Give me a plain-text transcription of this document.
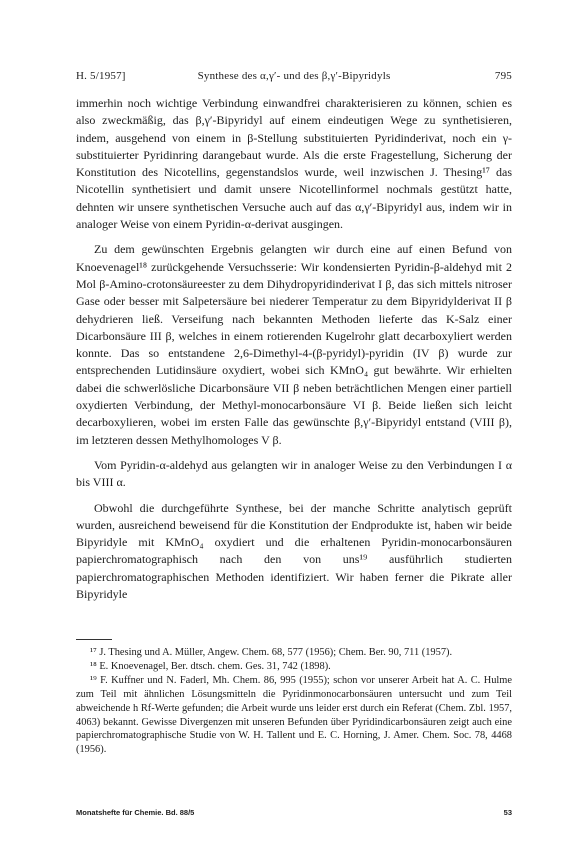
H. 5/1957]	Synthese des α,γ′- und des β,γ′-Bipyridyls	795

immerhin noch wichtige Verbindung einwandfrei charakterisieren zu können, schien es also zweckmäßig, das β,γ′-Bipyridyl auf einem eindeutigen Wege zu synthetisieren, indem, ausgehend von einem in β-Stellung substituierten Pyridinderivat, noch ein γ-substituierter Pyridinring darangebaut wurde. Als die erste Fragestellung, Sicherung der Konstitution des Nicotellins, gegenstandslos wurde, weil inzwischen J. Thesing¹⁷ das Nicotellin synthetisiert und damit unsere Nicotellinformel nochmals gestützt hatte, dehnten wir unsere synthetischen Versuche auch auf das α,γ′-Bipyridyl aus, indem wir in analoger Weise von einem Pyridin-α-derivat ausgingen.

Zu dem gewünschten Ergebnis gelangten wir durch eine auf einen Befund von Knoevenagel¹⁸ zurückgehende Versuchsserie: Wir kondensierten Pyridin-β-aldehyd mit 2 Mol β-Amino-crotonsäureester zu dem Dihydropyridinderivat I β, das sich mittels nitroser Gase oder besser mit Salpetersäure bei niederer Temperatur zu dem Bipyridylderivat II β dehydrieren ließ. Verseifung nach bekannten Methoden lieferte das K-Salz einer Dicarbonsäure III β, welches in einem rotierenden Kugelrohr glatt decarboxyliert werden konnte. Das so entstandene 2,6-Dimethyl-4-(β-pyridyl)-pyridin (IV β) wurde zur entsprechenden Lutidinsäure oxydiert, wobei sich KMnO₄ gut bewährte. Wir erhielten dabei die schwerlösliche Dicarbonsäure VII β neben beträchtlichen Mengen einer partiell oxydierten Verbindung, der Methyl-monocarbonsäure VI β. Beide ließen sich leicht decarboxylieren, wobei im ersten Falle das gewünschte β,γ′-Bipyridyl entstand (VIII β), im letzteren dessen Methylhomologes V β.

Vom Pyridin-α-aldehyd aus gelangten wir in analoger Weise zu den Verbindungen I α bis VIII α.

Obwohl die durchgeführte Synthese, bei der manche Schritte analytisch geprüft wurden, ausreichend beweisend für die Konstitution der Endprodukte ist, haben wir beide Bipyridyle mit KMnO₄ oxydiert und die erhaltenen Pyridin-monocarbonsäuren papierchromatographisch nach den von uns¹⁹ ausführlich studierten papierchromatographischen Methoden identifiziert. Wir haben ferner die Pikrate aller Bipyridyle

¹⁷ J. Thesing und A. Müller, Angew. Chem. 68, 577 (1956); Chem. Ber. 90, 711 (1957).

¹⁸ E. Knoevenagel, Ber. dtsch. chem. Ges. 31, 742 (1898).

¹⁹ F. Kuffner und N. Faderl, Mh. Chem. 86, 995 (1955); schon vor unserer Arbeit hat A. C. Hulme zum Teil mit ähnlichen Lösungsmitteln die Pyridinmonocarbonsäuren untersucht und zum Teil abweichende h Rf-Werte gefunden; die Arbeit wurde uns leider erst durch ein Referat (Chem. Zbl. 1957, 4063) bekannt. Gewisse Divergenzen mit unseren Befunden über Pyridindicarbonsäuren zeigt auch eine papierchromatographische Studie von W. H. Tallent und E. C. Horning, J. Amer. Chem. Soc. 78, 4468 (1956).

Monatshefte für Chemie. Bd. 88/5	53
